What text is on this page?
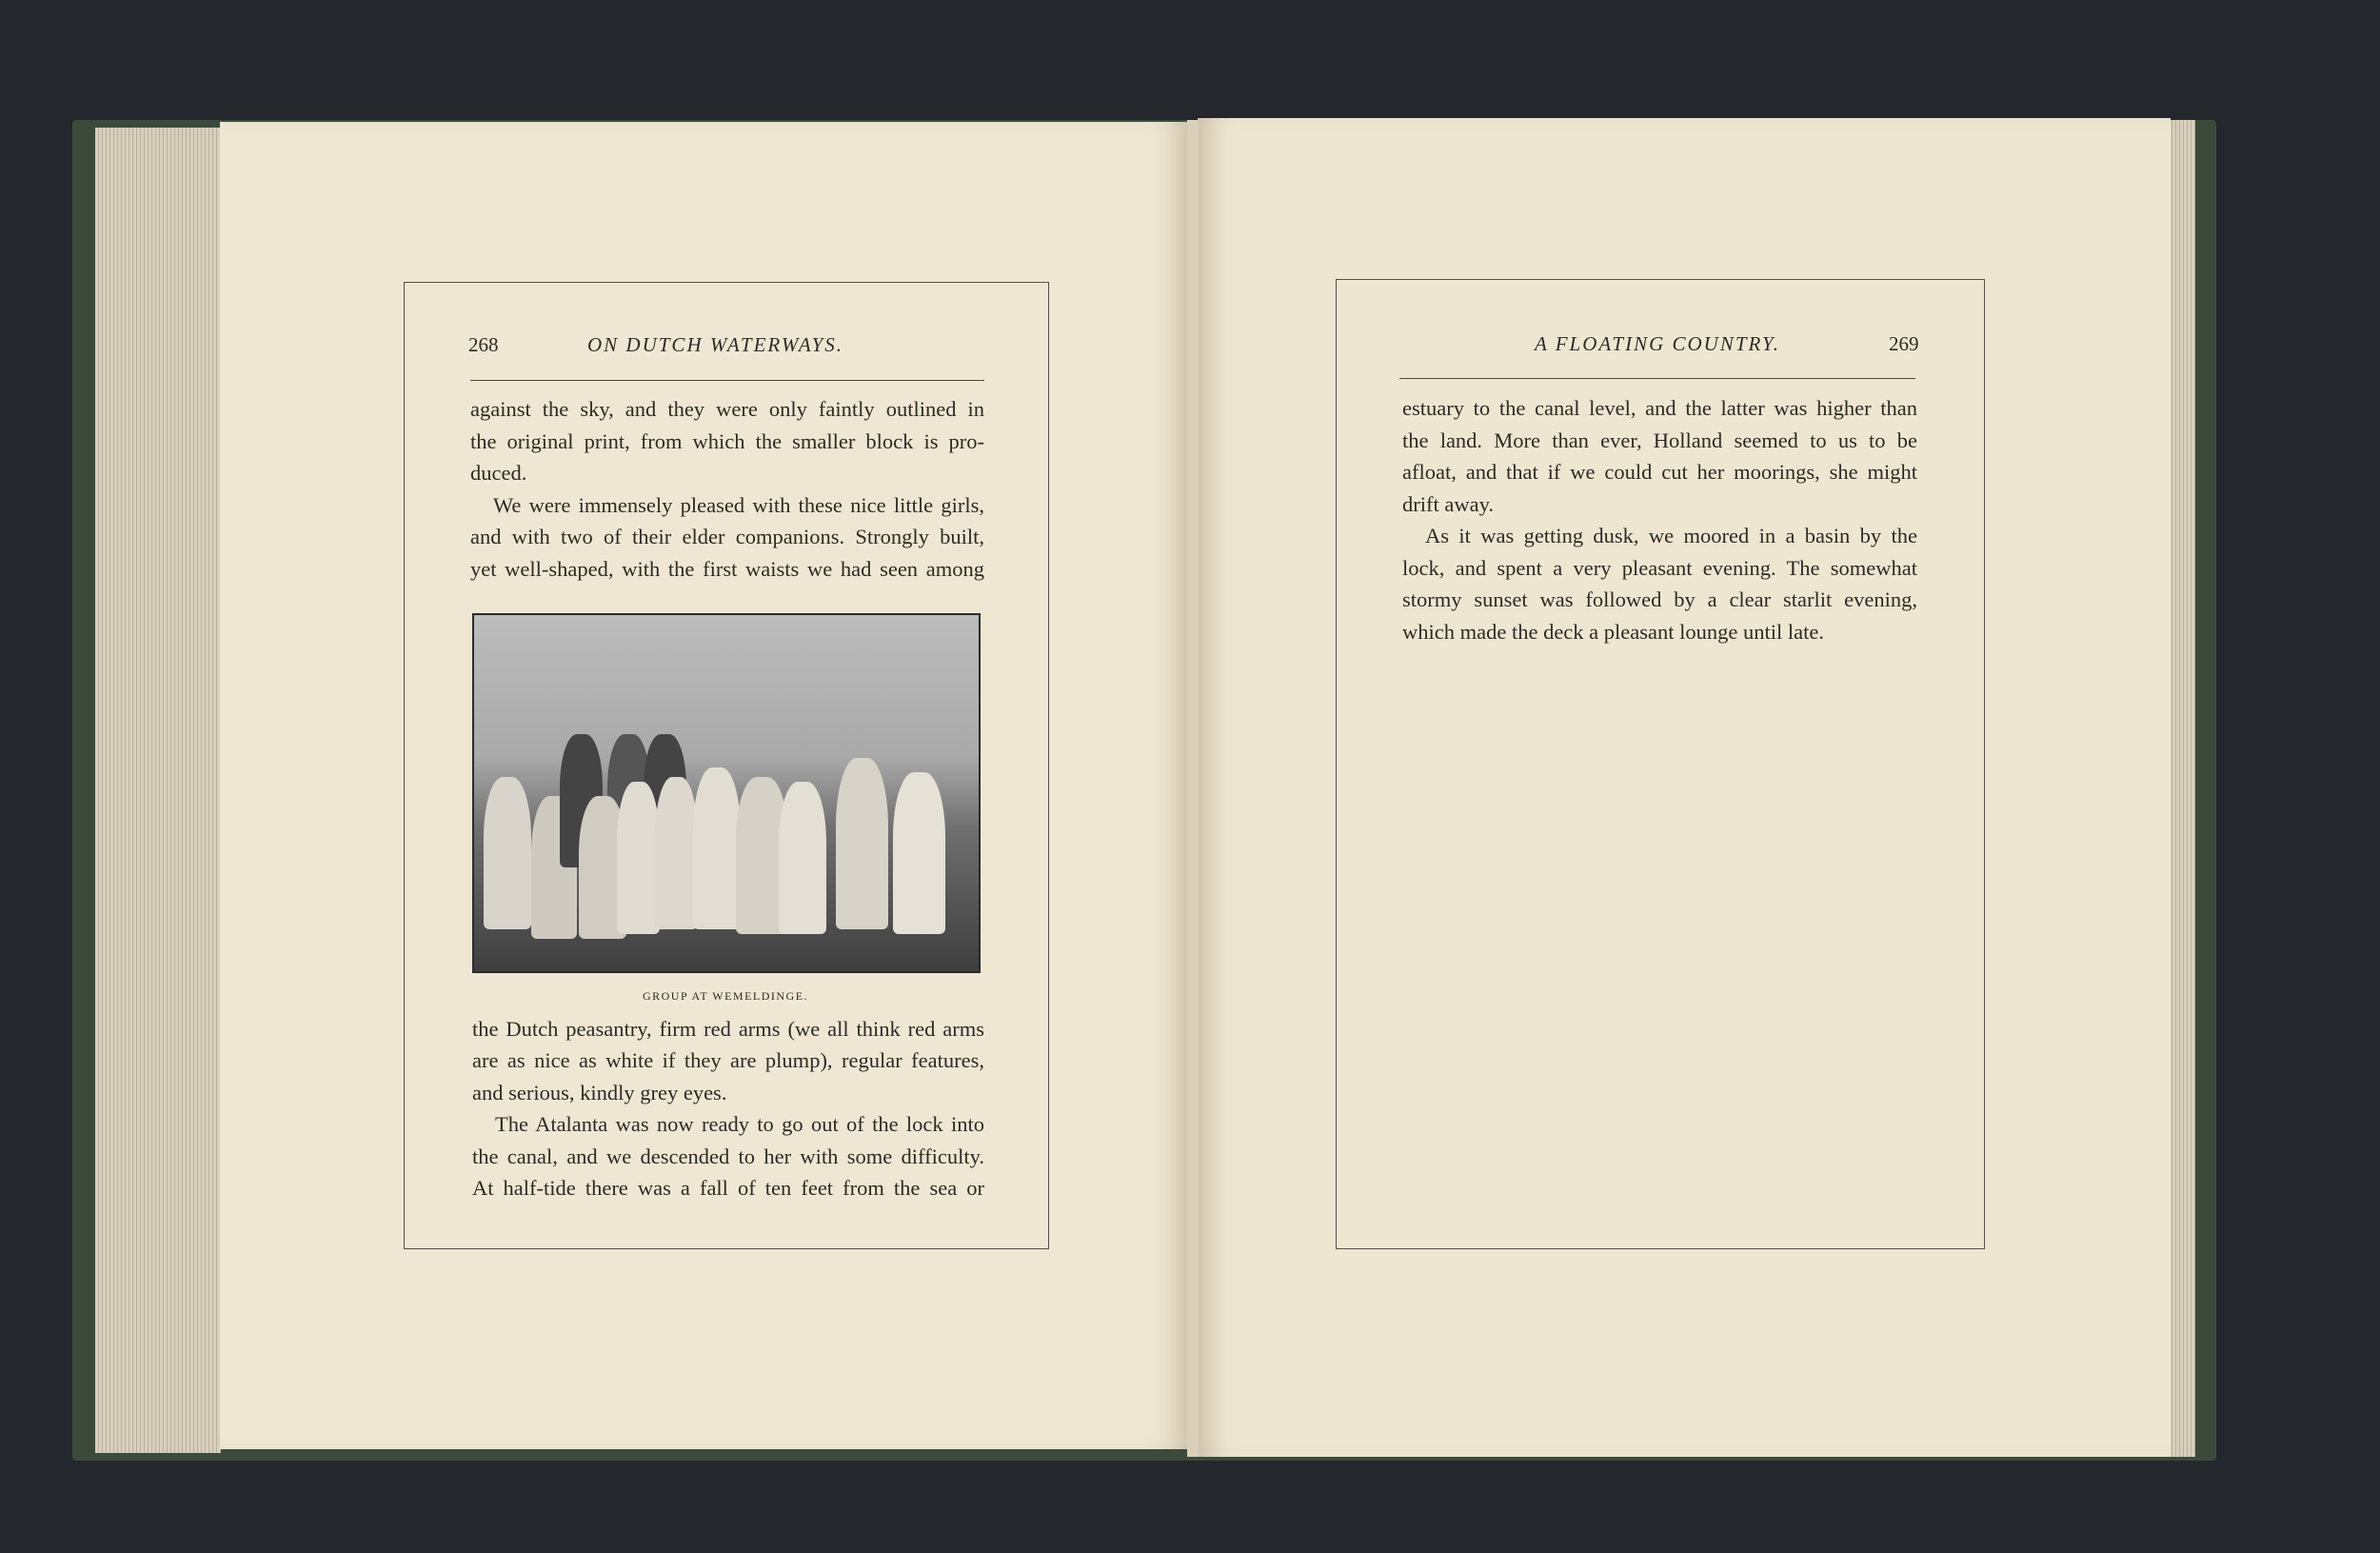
268	ON DUTCH WATERWAYS.
against the sky, and they were only faintly outlined in
the original print, from which the smaller block is pro-
duced.
We were immensely pleased with these nice little girls,
and with two of their elder companions. Strongly built,
yet well-shaped, with the first waists we had seen among
GROUP AT WEMELDINGE.
the Dutch peasantry, firm red arms (we all think red arms
are as nice as white if they are plump), regular features,
and serious, kindly grey eyes.
The Atalanta was now ready to go out of the lock into
the canal, and we descended to her with some difficulty.
At half-tide there was a fall of ten feet from the sea or
A FLOATING COUNTRY.	269
estuary to the canal level, and the latter was higher than
the land. More than ever, Holland seemed to us to be
afloat, and that if we could cut her moorings, she might
drift away.
As it was getting dusk, we moored in a basin by the
lock, and spent a very pleasant evening. The somewhat
stormy sunset was followed by a clear starlit evening,
which made the deck a pleasant lounge until late.
